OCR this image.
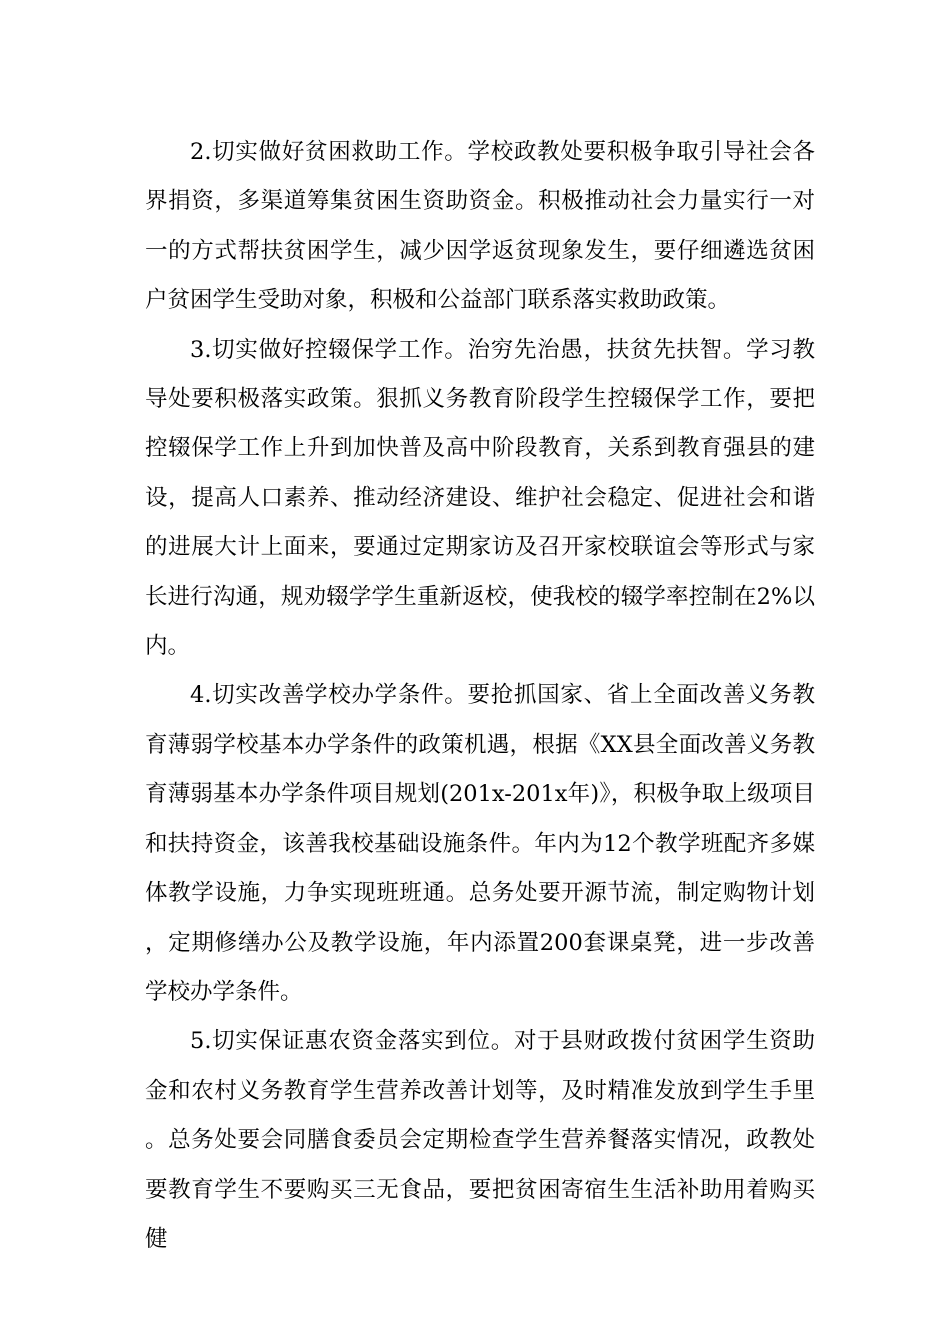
2.切实做好贫困救助工作。学校政教处要积极争取引导社会各界捐资，多渠道筹集贫困生资助资金。积极推动社会力量实行一对一的方式帮扶贫困学生，减少因学返贫现象发生，要仔细遴选贫困户贫困学生受助对象，积极和公益部门联系落实救助政策。

3.切实做好控辍保学工作。治穷先治愚，扶贫先扶智。学习教导处要积极落实政策。狠抓义务教育阶段学生控辍保学工作，要把控辍保学工作上升到加快普及高中阶段教育，关系到教育强县的建设，提高人口素养、推动经济建设、维护社会稳定、促进社会和谐的进展大计上面来，要通过定期家访及召开家校联谊会等形式与家长进行沟通，规劝辍学学生重新返校，使我校的辍学率控制在2%以内。

4.切实改善学校办学条件。要抢抓国家、省上全面改善义务教育薄弱学校基本办学条件的政策机遇，根据《XX县全面改善义务教育薄弱基本办学条件项目规划(201x-201x年)》，积极争取上级项目和扶持资金，该善我校基础设施条件。年内为12个教学班配齐多媒体教学设施，力争实现班班通。总务处要开源节流，制定购物计划，定期修缮办公及教学设施，年内添置200套课桌凳，进一步改善学校办学条件。

5.切实保证惠农资金落实到位。对于县财政拨付贫困学生资助金和农村义务教育学生营养改善计划等，及时精准发放到学生手里。总务处要会同膳食委员会定期检查学生营养餐落实情况，政教处要教育学生不要购买三无食品，要把贫困寄宿生生活补助用着购买健
